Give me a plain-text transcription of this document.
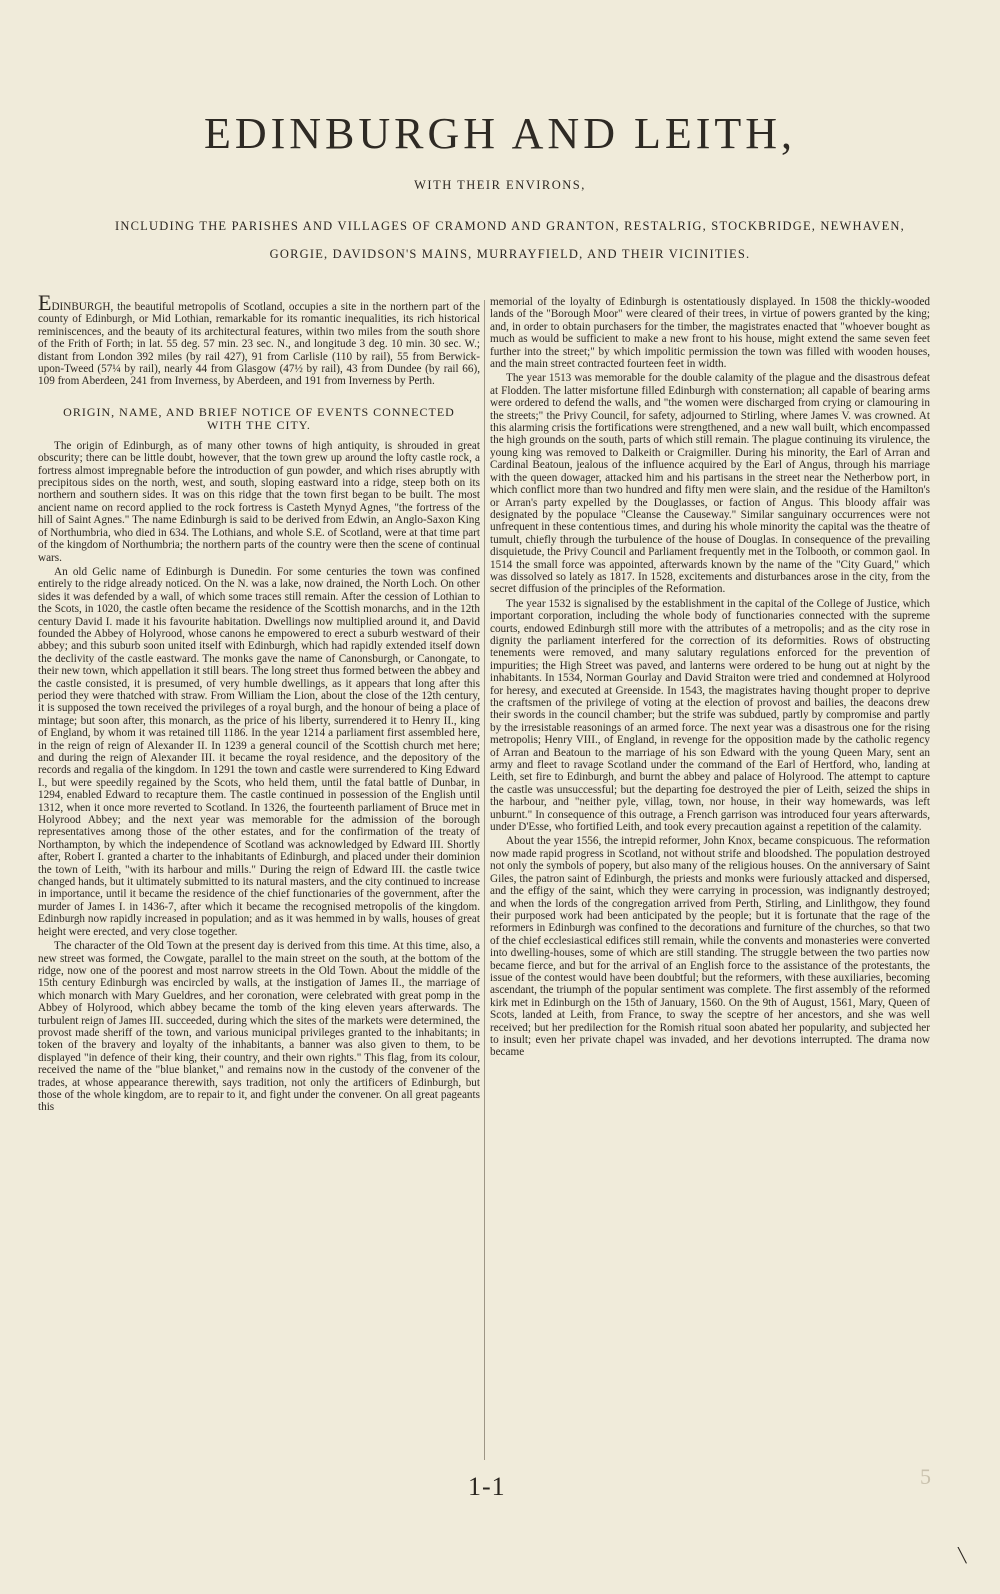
EDINBURGH AND LEITH,
WITH THEIR ENVIRONS,
INCLUDING THE PARISHES AND VILLAGES OF CRAMOND AND GRANTON, RESTALRIG, STOCKBRIDGE, NEWHAVEN,
GORGIE, DAVIDSON'S MAINS, MURRAYFIELD, AND THEIR VICINITIES.

EDINBURGH, the beautiful metropolis of Scotland, occupies a site in the northern part of the county of Edinburgh, or Mid Lothian, remarkable for its romantic inequalities, its rich historical reminiscences, and the beauty of its architectural features, within two miles from the south shore of the Frith of Forth; in lat. 55 deg. 57 min. 23 sec. N., and longitude 3 deg. 10 min. 30 sec. W.; distant from London 392 miles (by rail 427), 91 from Carlisle (110 by rail), 55 from Berwick-upon-Tweed (57¼ by rail), nearly 44 from Glasgow (47½ by rail), 43 from Dundee (by rail 66), 109 from Aberdeen, 241 from Inverness, by Aberdeen, and 191 from Inverness by Perth.

ORIGIN, NAME, AND BRIEF NOTICE OF EVENTS CONNECTED WITH THE CITY.

The origin of Edinburgh, as of many other towns of high antiquity, is shrouded in great obscurity; there can be little doubt, however, that the town grew up around the lofty castle rock, a fortress almost impregnable before the introduction of gun powder, and which rises abruptly with precipitous sides on the north, west, and south, sloping eastward into a ridge, steep both on its northern and southern sides. It was on this ridge that the town first began to be built. The most ancient name on record applied to the rock fortress is Casteth Mynyd Agnes, "the fortress of the hill of Saint Agnes." The name Edinburgh is said to be derived from Edwin, an Anglo-Saxon King of Northumbria, who died in 634. The Lothians, and whole S.E. of Scotland, were at that time part of the kingdom of Northumbria; the northern parts of the country were then the scene of continual wars.

An old Gelic name of Edinburgh is Dunedin. For some centuries the town was confined entirely to the ridge already noticed. On the N. was a lake, now drained, the North Loch. On other sides it was defended by a wall, of which some traces still remain. After the cession of Lothian to the Scots, in 1020, the castle often became the residence of the Scottish monarchs, and in the 12th century David I. made it his favourite habitation. Dwellings now multiplied around it, and David founded the Abbey of Holyrood, whose canons he empowered to erect a suburb westward of their abbey; and this suburb soon united itself with Edinburgh, which had rapidly extended itself down the declivity of the castle eastward. The monks gave the name of Canonsburgh, or Canongate, to their new town, which appellation it still bears. The long street thus formed between the abbey and the castle consisted, it is presumed, of very humble dwellings, as it appears that long after this period they were thatched with straw. From William the Lion, about the close of the 12th century, it is supposed the town received the privileges of a royal burgh, and the honour of being a place of mintage; but soon after, this monarch, as the price of his liberty, surrendered it to Henry II., king of England, by whom it was retained till 1186. In the year 1214 a parliament first assembled here, in the reign of reign of Alexander II. In 1239 a general council of the Scottish church met here; and during the reign of Alexander III. it became the royal residence, and the depository of the records and regalia of the kingdom. In 1291 the town and castle were surrendered to King Edward I., but were speedily regained by the Scots, who held them, until the fatal battle of Dunbar, in 1294, enabled Edward to recapture them. The castle continued in possession of the English until 1312, when it once more reverted to Scotland. In 1326, the fourteenth parliament of Bruce met in Holyrood Abbey; and the next year was memorable for the admission of the borough representatives among those of the other estates, and for the confirmation of the treaty of Northampton, by which the independence of Scotland was acknowledged by Edward III. Shortly after, Robert I. granted a charter to the inhabitants of Edinburgh, and placed under their dominion the town of Leith, "with its harbour and mills." During the reign of Edward III. the castle twice changed hands, but it ultimately submitted to its natural masters, and the city continued to increase in importance, until it became the residence of the chief functionaries of the government, after the murder of James I. in 1436-7, after which it became the recognised metropolis of the kingdom. Edinburgh now rapidly increased in population; and as it was hemmed in by walls, houses of great height were erected, and very close together.

The character of the Old Town at the present day is derived from this time. At this time, also, a new street was formed, the Cowgate, parallel to the main street on the south, at the bottom of the ridge, now one of the poorest and most narrow streets in the Old Town. About the middle of the 15th century Edinburgh was encircled by walls, at the instigation of James II., the marriage of which monarch with Mary Gueldres, and her coronation, were celebrated with great pomp in the Abbey of Holyrood, which abbey became the tomb of the king eleven years afterwards. The turbulent reign of James III. succeeded, during which the sites of the markets were determined, the provost made sheriff of the town, and various municipal privileges granted to the inhabitants; in token of the bravery and loyalty of the inhabitants, a banner was also given to them, to be displayed "in defence of their king, their country, and their own rights." This flag, from its colour, received the name of the "blue blanket," and remains now in the custody of the convener of the trades, at whose appearance therewith, says tradition, not only the artificers of Edinburgh, but those of the whole kingdom, are to repair to it, and fight under the convener. On all great pageants this

memorial of the loyalty of Edinburgh is ostentatiously displayed. In 1508 the thickly-wooded lands of the "Borough Moor" were cleared of their trees, in virtue of powers granted by the king; and, in order to obtain purchasers for the timber, the magistrates enacted that "whoever bought as much as would be sufficient to make a new front to his house, might extend the same seven feet further into the street;" by which impolitic permission the town was filled with wooden houses, and the main street contracted fourteen feet in width.

The year 1513 was memorable for the double calamity of the plague and the disastrous defeat at Flodden. The latter misfortune filled Edinburgh with consternation; all capable of bearing arms were ordered to defend the walls, and "the women were discharged from crying or clamouring in the streets;" the Privy Council, for safety, adjourned to Stirling, where James V. was crowned. At this alarming crisis the fortifications were strengthened, and a new wall built, which encompassed the high grounds on the south, parts of which still remain. The plague continuing its virulence, the young king was removed to Dalkeith or Craigmiller. During his minority, the Earl of Arran and Cardinal Beatoun, jealous of the influence acquired by the Earl of Angus, through his marriage with the queen dowager, attacked him and his partisans in the street near the Netherbow port, in which conflict more than two hundred and fifty men were slain, and the residue of the Hamilton's or Arran's party expelled by the Douglasses, or faction of Angus. This bloody affair was designated by the populace "Cleanse the Causeway." Similar sanguinary occurrences were not unfrequent in these contentious times, and during his whole minority the capital was the theatre of tumult, chiefly through the turbulence of the house of Douglas. In consequence of the prevailing disquietude, the Privy Council and Parliament frequently met in the Tolbooth, or common gaol. In 1514 the small force was appointed, afterwards known by the name of the "City Guard," which was dissolved so lately as 1817. In 1528, excitements and disturbances arose in the city, from the secret diffusion of the principles of the Reformation.

The year 1532 is signalised by the establishment in the capital of the College of Justice, which important corporation, including the whole body of functionaries connected with the supreme courts, endowed Edinburgh still more with the attributes of a metropolis; and as the city rose in dignity the parliament interfered for the correction of its deformities. Rows of obstructing tenements were removed, and many salutary regulations enforced for the prevention of impurities; the High Street was paved, and lanterns were ordered to be hung out at night by the inhabitants. In 1534, Norman Gourlay and David Straiton were tried and condemned at Holyrood for heresy, and executed at Greenside. In 1543, the magistrates having thought proper to deprive the craftsmen of the privilege of voting at the election of provost and bailies, the deacons drew their swords in the council chamber; but the strife was subdued, partly by compromise and partly by the irresistable reasonings of an armed force. The next year was a disastrous one for the rising metropolis; Henry VIII., of England, in revenge for the opposition made by the catholic regency of Arran and Beatoun to the marriage of his son Edward with the young Queen Mary, sent an army and fleet to ravage Scotland under the command of the Earl of Hertford, who, landing at Leith, set fire to Edinburgh, and burnt the abbey and palace of Holyrood. The attempt to capture the castle was unsuccessful; but the departing foe destroyed the pier of Leith, seized the ships in the harbour, and "neither pyle, villag, town, nor house, in their way homewards, was left unburnt." In consequence of this outrage, a French garrison was introduced four years afterwards, under D'Esse, who fortified Leith, and took every precaution against a repetition of the calamity.

About the year 1556, the intrepid reformer, John Knox, became conspicuous. The reformation now made rapid progress in Scotland, not without strife and bloodshed. The population destroyed not only the symbols of popery, but also many of the religious houses. On the anniversary of Saint Giles, the patron saint of Edinburgh, the priests and monks were furiously attacked and dispersed, and the effigy of the saint, which they were carrying in procession, was indignantly destroyed; and when the lords of the congregation arrived from Perth, Stirling, and Linlithgow, they found their purposed work had been anticipated by the people; but it is fortunate that the rage of the reformers in Edinburgh was confined to the decorations and furniture of the churches, so that two of the chief ecclesiastical edifices still remain, while the convents and monasteries were converted into dwelling-houses, some of which are still standing. The struggle between the two parties now became fierce, and but for the arrival of an English force to the assistance of the protestants, the issue of the contest would have been doubtful; but the reformers, with these auxiliaries, becoming ascendant, the triumph of the popular sentiment was complete. The first assembly of the reformed kirk met in Edinburgh on the 15th of January, 1560. On the 9th of August, 1561, Mary, Queen of Scots, landed at Leith, from France, to sway the sceptre of her ancestors, and she was well received; but her predilection for the Romish ritual soon abated her popularity, and subjected her to insult; even her private chapel was invaded, and her devotions interrupted. The drama now became

1-1	5
╲
